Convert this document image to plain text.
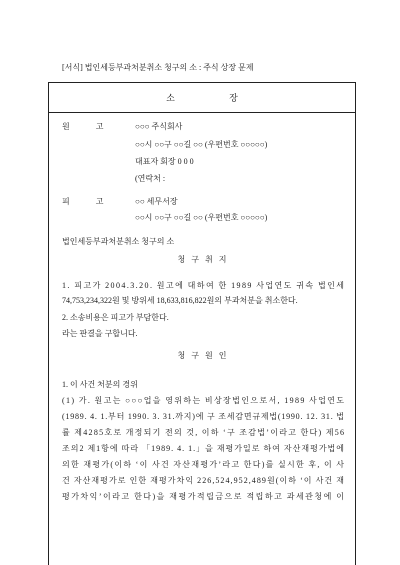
[서식] 법인세등부과처분취소 청구의 소 : 주식 상장 문제
소 장
원 고	○○○ 주식회사
○○시 ○○구 ○○길 ○○ (우편번호 ○○○○○)
대표자 회장 0 0 0
(연락처 :
피 고	○○ 세무서장
○○시 ○○구 ○○길 ○○ (우편번호 ○○○○○)
법인세등부과처분취소 청구의 소
청 구 취 지
1. 피고가 2004.3.20. 원고에 대하여 한 1989 사업연도 귀속 법인세
74,753,234,322원 및 방위세 18,633,816,822원의 부과처분을 취소한다.
2. 소송비용은 피고가 부담한다.
라는 판결을 구합니다.
청 구 원 인
1. 이 사건 처분의 경위
(1) 가. 원고는 ○○○업을 영위하는 비상장법인으로서, 1989 사업연도
(1989. 4. 1.부터 1990. 3. 31.까지)에 구 조세감면규제법(1990. 12. 31. 법
률 제4285호로 개정되기 전의 것, 이하 ‘구 조감법’이라고 한다) 제56
조의2 제1항에 따라 「1989. 4. 1.」을 재평가일로 하여 자산재평가법에
의한 재평가(이하 ‘이 사건 자산재평가’라고 한다)를 실시한 후, 이 사
건 자산재평가로 인한 재평가차익 226,524,952,489원(이하 ‘이 사건 재
평가차익’이라고 한다)을 재평가적립금으로 적립하고 과세관청에 이
